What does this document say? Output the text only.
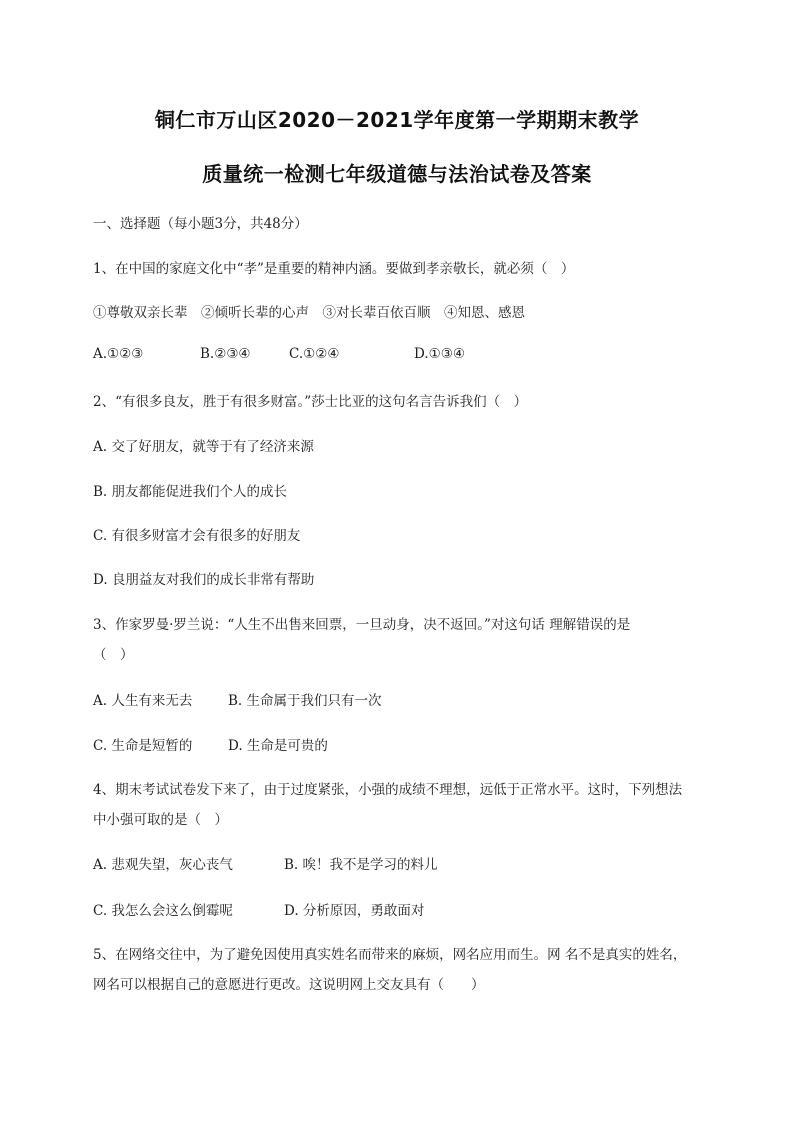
铜仁市万山区2020－2021学年度第一学期期末教学
质量统一检测七年级道德与法治试卷及答案
一、选择题（每小题3分，共48分）
1、在中国的家庭文化中“孝”是重要的精神内涵。要做到孝亲敬长，就必须（　）
①尊敬双亲长辈　②倾听长辈的心声　③对长辈百依百顺　④知恩、感恩
A.①②③	B.②③④	C.①②④	D.①③④
2、“有很多良友，胜于有很多财富。”莎士比亚的这句名言告诉我们（　）
A. 交了好朋友，就等于有了经济来源
B. 朋友都能促进我们个人的成长
C. 有很多财富才会有很多的好朋友
D. 良朋益友对我们的成长非常有帮助
3、作家罗曼·罗兰说：“人生不出售来回票，一旦动身，决不返回。”对这句话 理解错误的是
（　）
A. 人生有来无去	B. 生命属于我们只有一次
C. 生命是短暂的	D. 生命是可贵的
4、期末考试试卷发下来了，由于过度紧张，小强的成绩不理想，远低于正常水平。这时，下列想法
中小强可取的是（　）
A. 悲观失望，灰心丧气	B. 唉！我不是学习的料儿
C. 我怎么会这么倒霉呢	D. 分析原因，勇敢面对
5、在网络交往中，为了避免因使用真实姓名而带来的麻烦，网名应用而生。网 名不是真实的姓名，
网名可以根据自己的意愿进行更改。这说明网上交友具有（　　）
